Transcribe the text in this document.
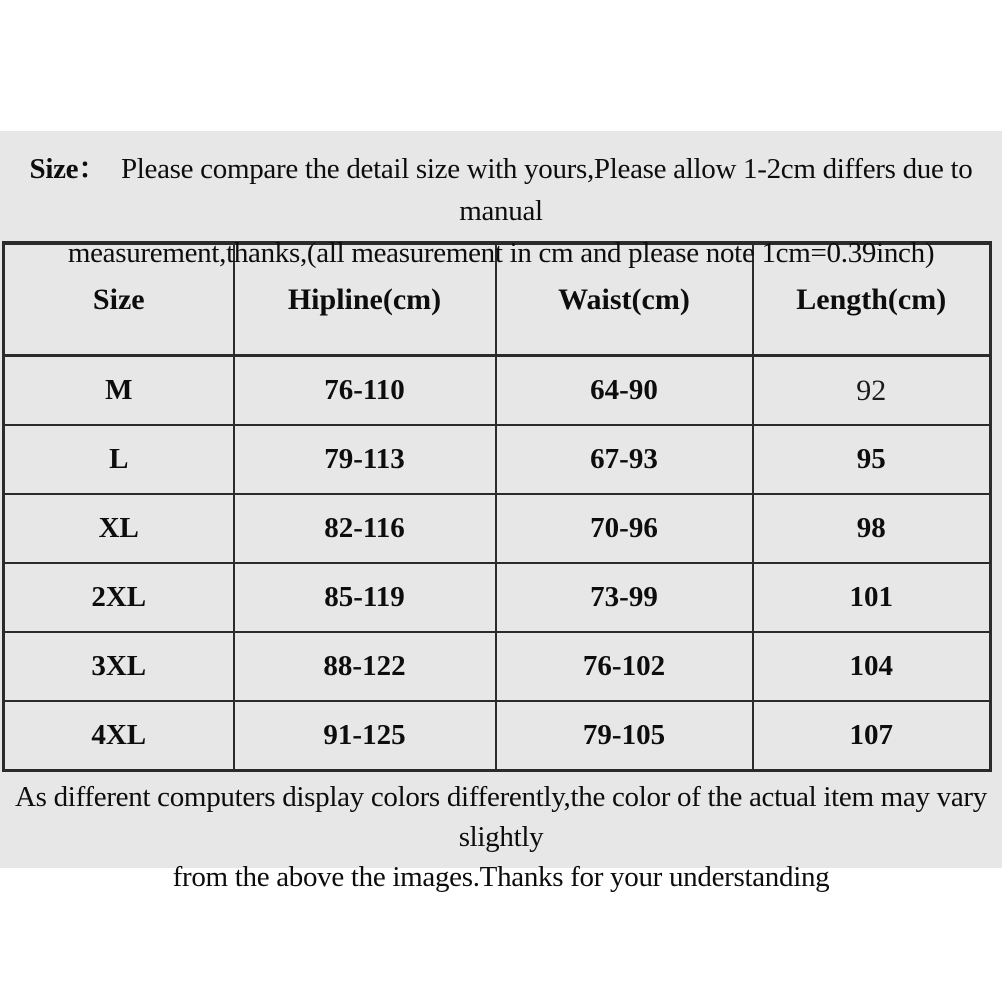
Size： Please compare the detail size with yours,Please allow 1-2cm differs due to manual
measurement,thanks,(all measurement in cm and please note 1cm=0.39inch)
Size	Hipline(cm)	Waist(cm)	Length(cm)
M	76-110	64-90	92
L	79-113	67-93	95
XL	82-116	70-96	98
2XL	85-119	73-99	101
3XL	88-122	76-102	104
4XL	91-125	79-105	107
As different computers display colors differently,the color of the actual item may vary slightly
from the above the images.Thanks for your understanding
